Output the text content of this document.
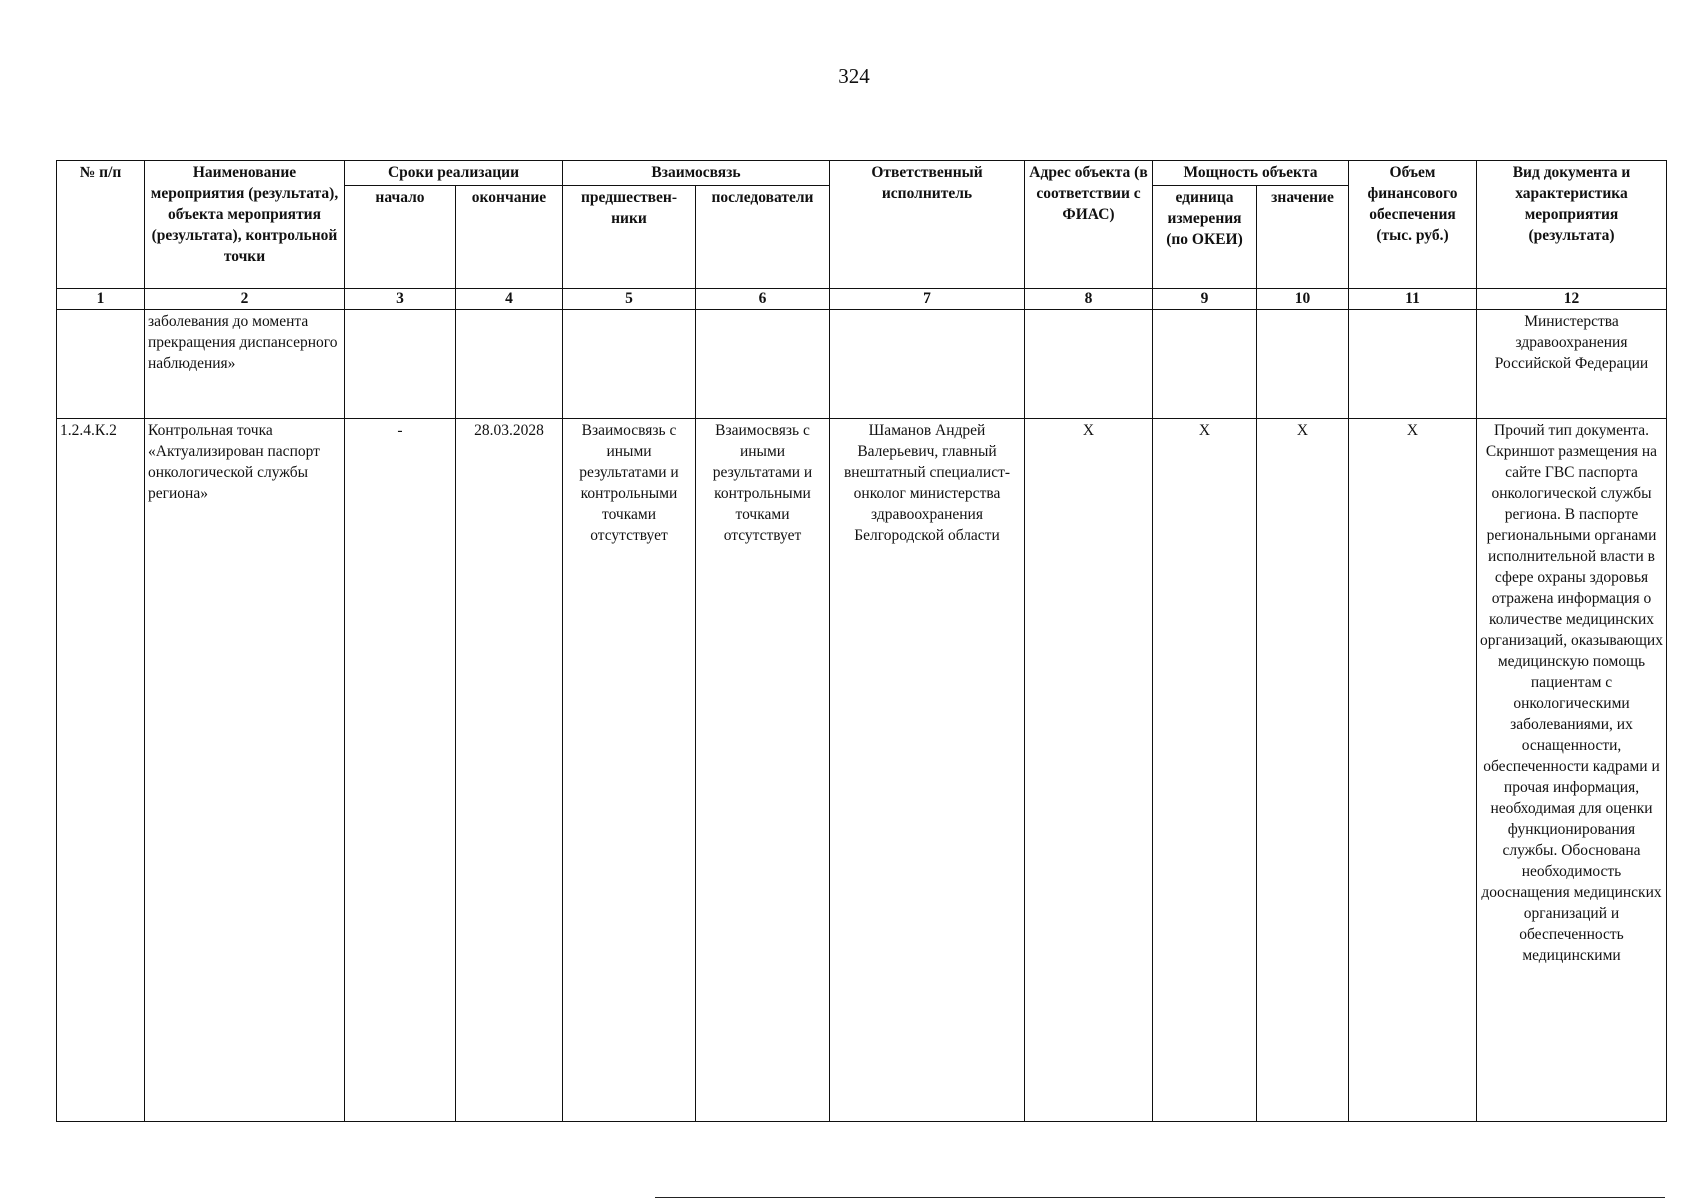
324
№ п/п	Наименование мероприятия (результата), объекта мероприятия (результата), контрольной точки	Сроки реализации		Взаимосвязь		Ответственный исполнитель	Адрес объекта (в соответствии с ФИАС)	Мощность объекта		Объем финансового обеспечения (тыс. руб.)	Вид документа и характеристика мероприятия (результата)
		начало	окончание	предшествен-ники	последователи			единица измерения (по ОКЕИ)	значение		
1	2	3	4	5	6	7	8	9	10	11	12
	заболевания до момента прекращения диспансерного наблюдения»										Министерства здравоохранения Российской Федерации
1.2.4.К.2	Контрольная точка «Актуализирован паспорт онкологической службы региона»	-	28.03.2028	Взаимосвязь с иными результатами и контрольными точками отсутствует	Взаимосвязь с иными результатами и контрольными точками отсутствует	Шаманов Андрей Валерьевич, главный внештатный специалист-онколог министерства здравоохранения Белгородской области	X	X	X	X	Прочий тип документа. Скриншот размещения на сайте ГВС паспорта онкологической службы региона. В паспорте региональными органами исполнительной власти в сфере охраны здоровья отражена информация о количестве медицинских организаций, оказывающих медицинскую помощь пациентам с онкологическими заболеваниями, их оснащенности, обеспеченности кадрами и прочая информация, необходимая для оценки функционирования службы. Обоснована необходимость дооснащения медицинских организаций и обеспеченность медицинскими
